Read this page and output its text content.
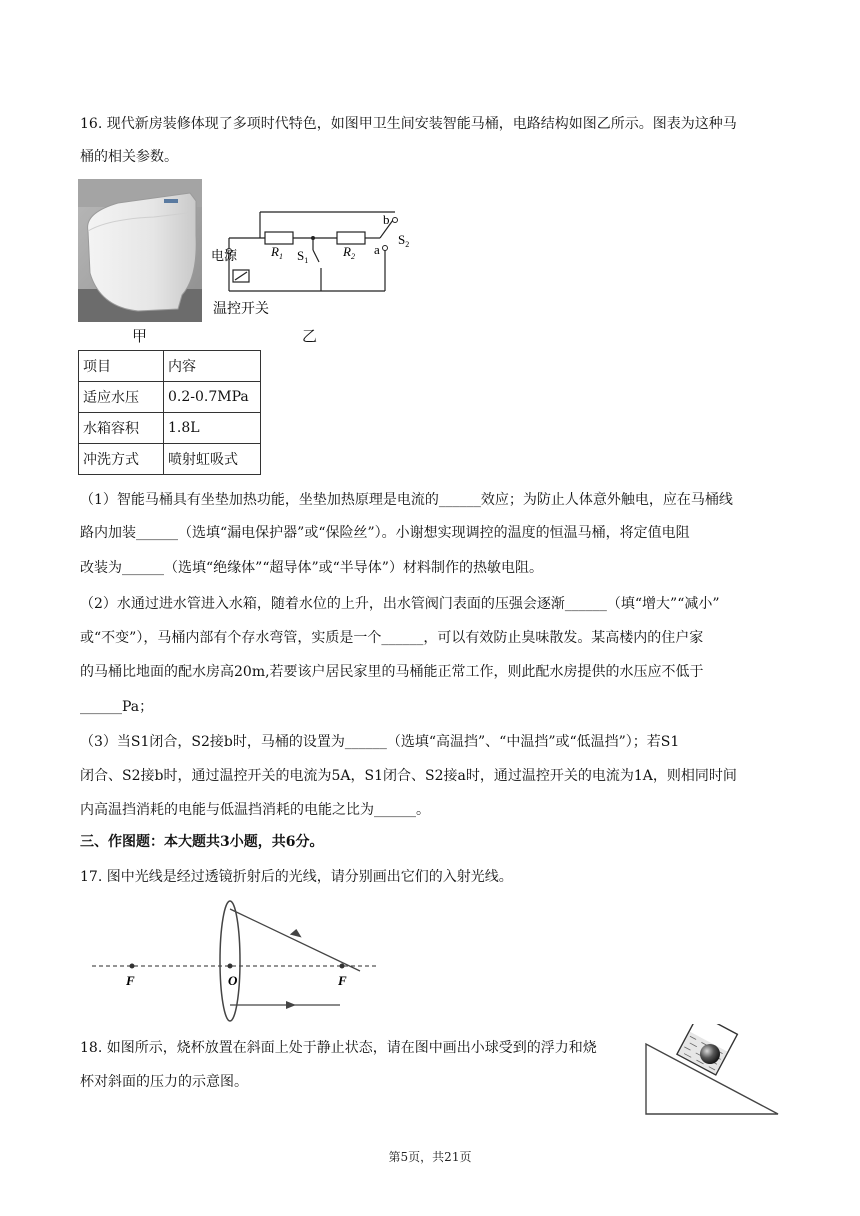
16. 现代新房装修体现了多项时代特色，如图甲卫生间安装智能马桶，电路结构如图乙所示。图表为这种马
桶的相关参数。
甲
电源
温控开关
$R_1$	$R_2$
$S_1$
$S_2$
a
b
乙
项目	内容
适应水压	0.2-0.7MPa
水箱容积	1.8L
冲洗方式	喷射虹吸式
（1）智能马桶具有坐垫加热功能，坐垫加热原理是电流的______效应；为防止人体意外触电，应在马桶线
路内加装______（选填“漏电保护器”或“保险丝”）。小谢想实现调控的温度的恒温马桶，将定值电阻
改装为______（选填“绝缘体”“超导体”或“半导体”）材料制作的热敏电阻。
（2）水通过进水管进入水箱，随着水位的上升，出水管阀门表面的压强会逐渐______（填“增大”“减小”
或“不变”），马桶内部有个存水弯管，实质是一个______，可以有效防止臭味散发。某高楼内的住户家
的马桶比地面的配水房高20m,若要该户居民家里的马桶能正常工作，则此配水房提供的水压应不低于
______Pa；
（3）当S1闭合，S2接b时，马桶的设置为______（选填“高温挡”、“中温挡”或“低温挡”）；若S1
闭合、S2接b时，通过温控开关的电流为5A，S1闭合、S2接a时，通过温控开关的电流为1A，则相同时间
内高温挡消耗的电能与低温挡消耗的电能之比为______。
三、作图题：本大题共3小题，共6分。
17. 图中光线是经过透镜折射后的光线，请分别画出它们的入射光线。
F	O	F
18. 如图所示，烧杯放置在斜面上处于静止状态，请在图中画出小球受到的浮力和烧
杯对斜面的压力的示意图。
第5页，共21页
